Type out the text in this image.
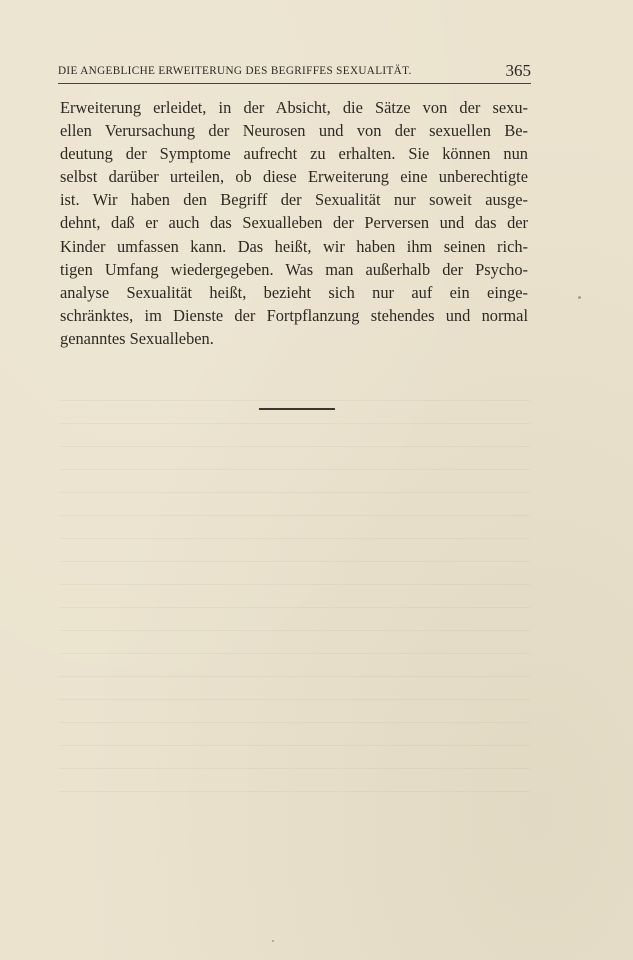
DIE ANGEBLICHE ERWEITERUNG DES BEGRIFFES SEXUALITÄT.	365
Erweiterung erleidet, in der Absicht, die Sätze von der sexu-
ellen Verursachung der Neurosen und von der sexuellen Be-
deutung der Symptome aufrecht zu erhalten. Sie können nun
selbst darüber urteilen, ob diese Erweiterung eine unberechtigte
ist. Wir haben den Begriff der Sexualität nur soweit ausge-
dehnt, daß er auch das Sexualleben der Perversen und das der
Kinder umfassen kann. Das heißt, wir haben ihm seinen rich-
tigen Umfang wiedergegeben. Was man außerhalb der Psycho-
analyse Sexualität heißt, bezieht sich nur auf ein einge-
schränktes, im Dienste der Fortpflanzung stehendes und normal
genanntes Sexualleben.
